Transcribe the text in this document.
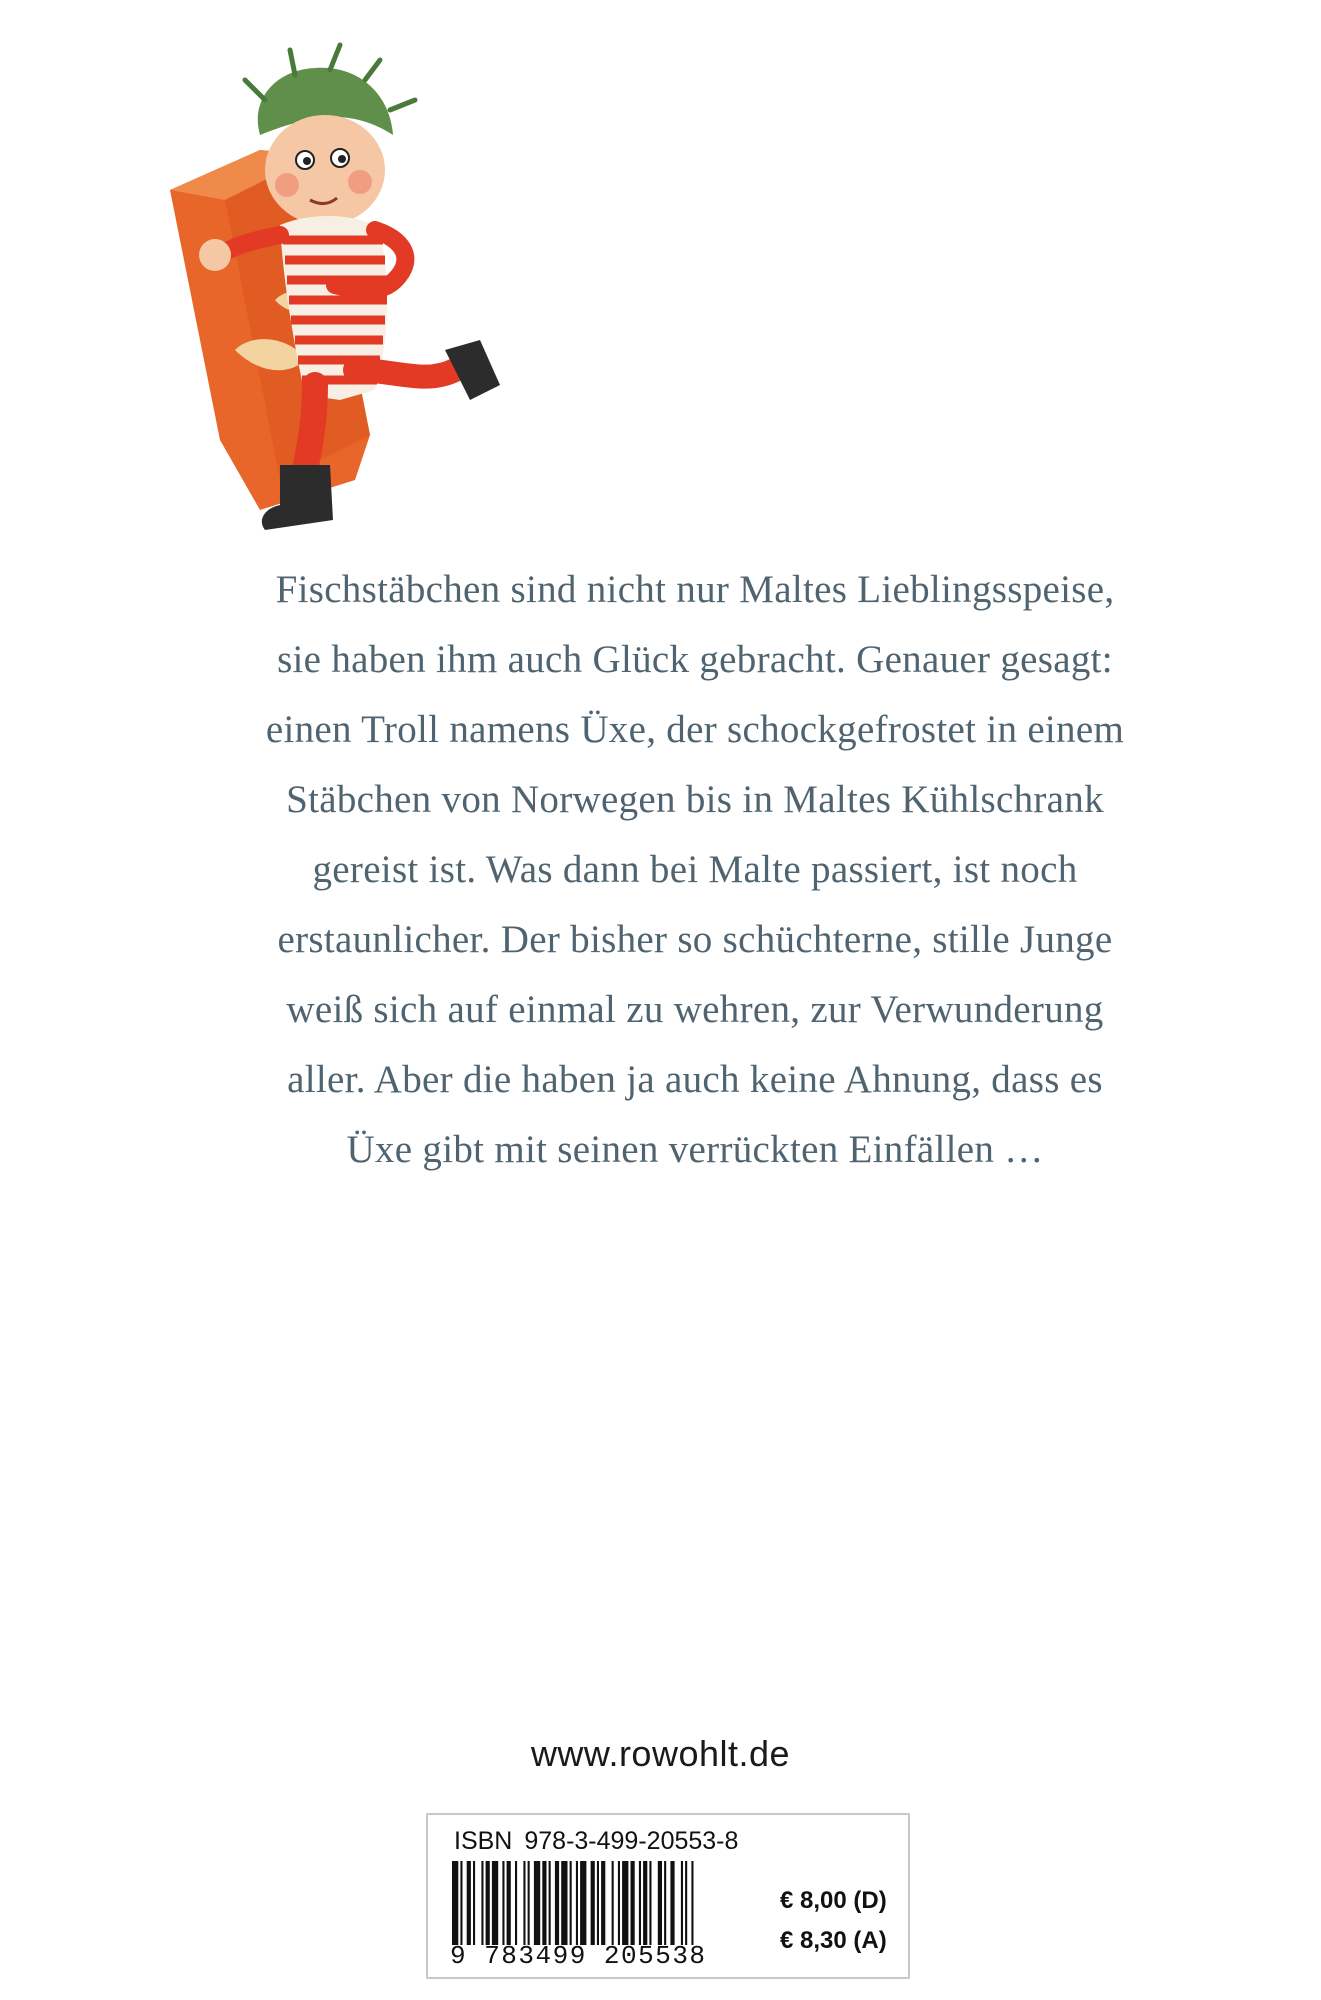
Fischstäbchen sind nicht nur Maltes Lieblingsspeise,
sie haben ihm auch Glück gebracht. Genauer gesagt:
einen Troll namens Üxe, der schockgefrostet in einem
Stäbchen von Norwegen bis in Maltes Kühlschrank
gereist ist. Was dann bei Malte passiert, ist noch
erstaunlicher. Der bisher so schüchterne, stille Junge
weiß sich auf einmal zu wehren, zur Verwunderung
aller. Aber die haben ja auch keine Ahnung, dass es
Üxe gibt mit seinen verrückten Einfällen …
www.rowohlt.de
ISBN 978-3-499-20553-8
9 783499 205538
€ 8,00 (D)
€ 8,30 (A)
